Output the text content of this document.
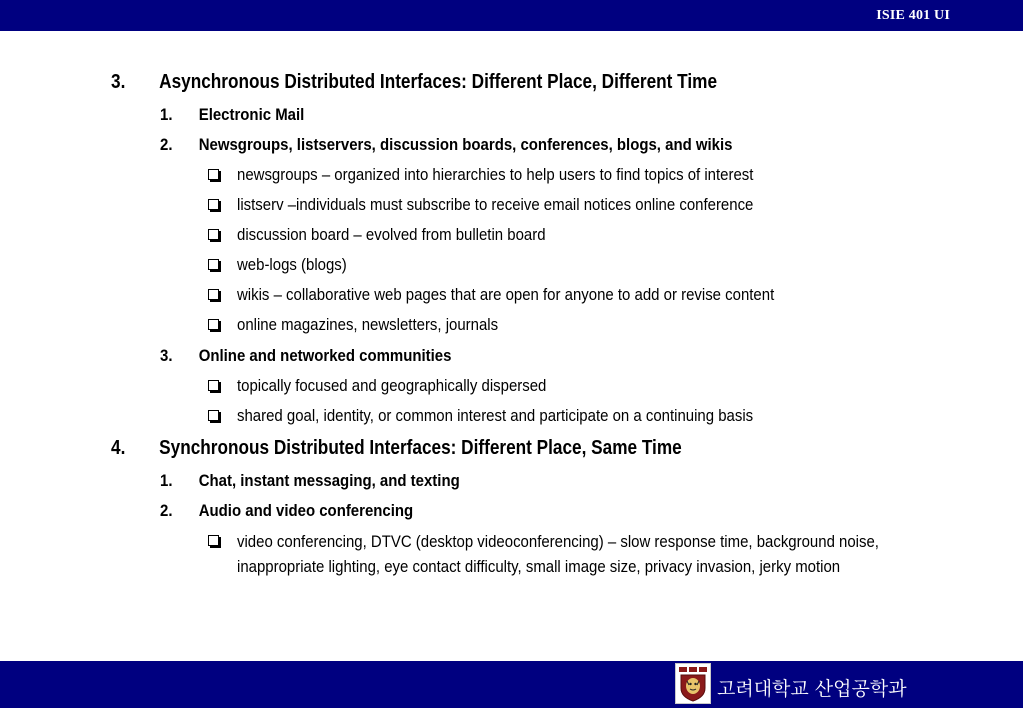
ISIE 401 UI
3. Asynchronous Distributed Interfaces: Different Place, Different Time
1. Electronic Mail
2. Newsgroups, listservers, discussion boards, conferences, blogs, and wikis
newsgroups – organized into hierarchies to help users to find topics of interest
listserv –individuals must subscribe to receive email notices online conference
discussion board – evolved from bulletin board
web-logs (blogs)
wikis – collaborative web pages that are open for anyone to add or revise content
online magazines, newsletters, journals
3. Online and networked communities
topically focused and geographically dispersed
shared goal, identity, or common interest and participate on a continuing basis
4. Synchronous Distributed Interfaces: Different Place, Same Time
1. Chat, instant messaging, and texting
2. Audio and video conferencing
video conferencing, DTVC (desktop videoconferencing) – slow response time, background noise, inappropriate lighting, eye contact difficulty, small image size, privacy invasion, jerky motion
고려대학교 산업공학과
